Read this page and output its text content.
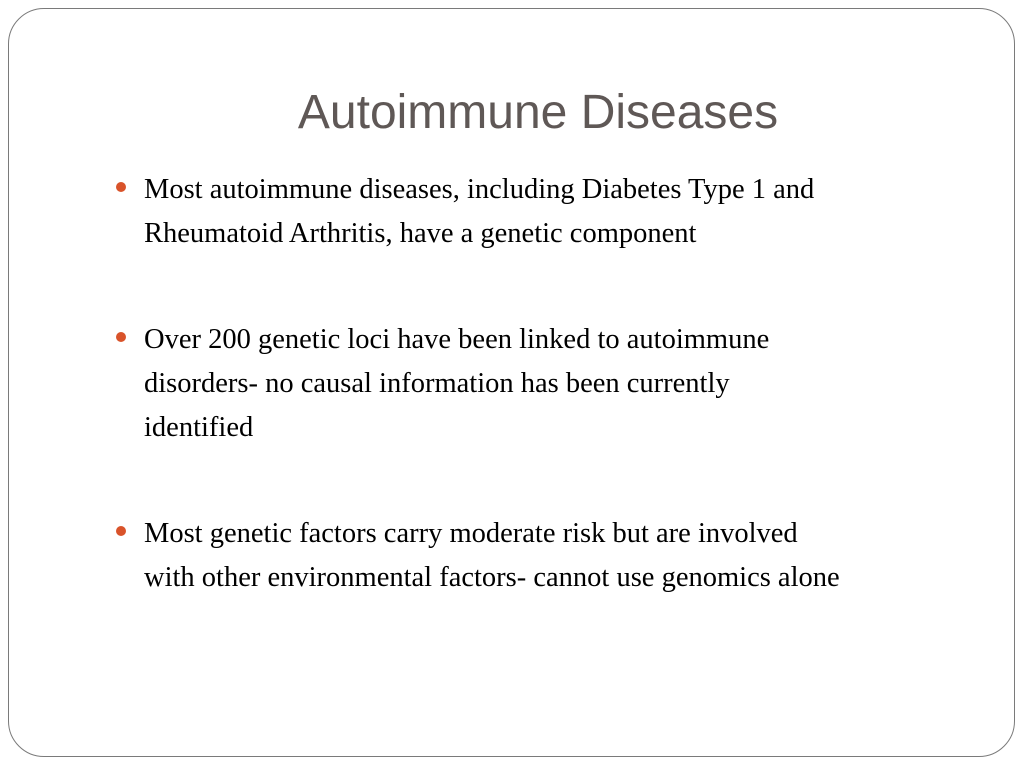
Autoimmune Diseases
Most autoimmune diseases, including Diabetes Type 1 and
Rheumatoid Arthritis, have a genetic component
Over 200 genetic loci have been linked to autoimmune
disorders- no causal information has been currently
identified
Most genetic factors carry moderate risk but are involved
with other environmental factors- cannot use genomics alone
